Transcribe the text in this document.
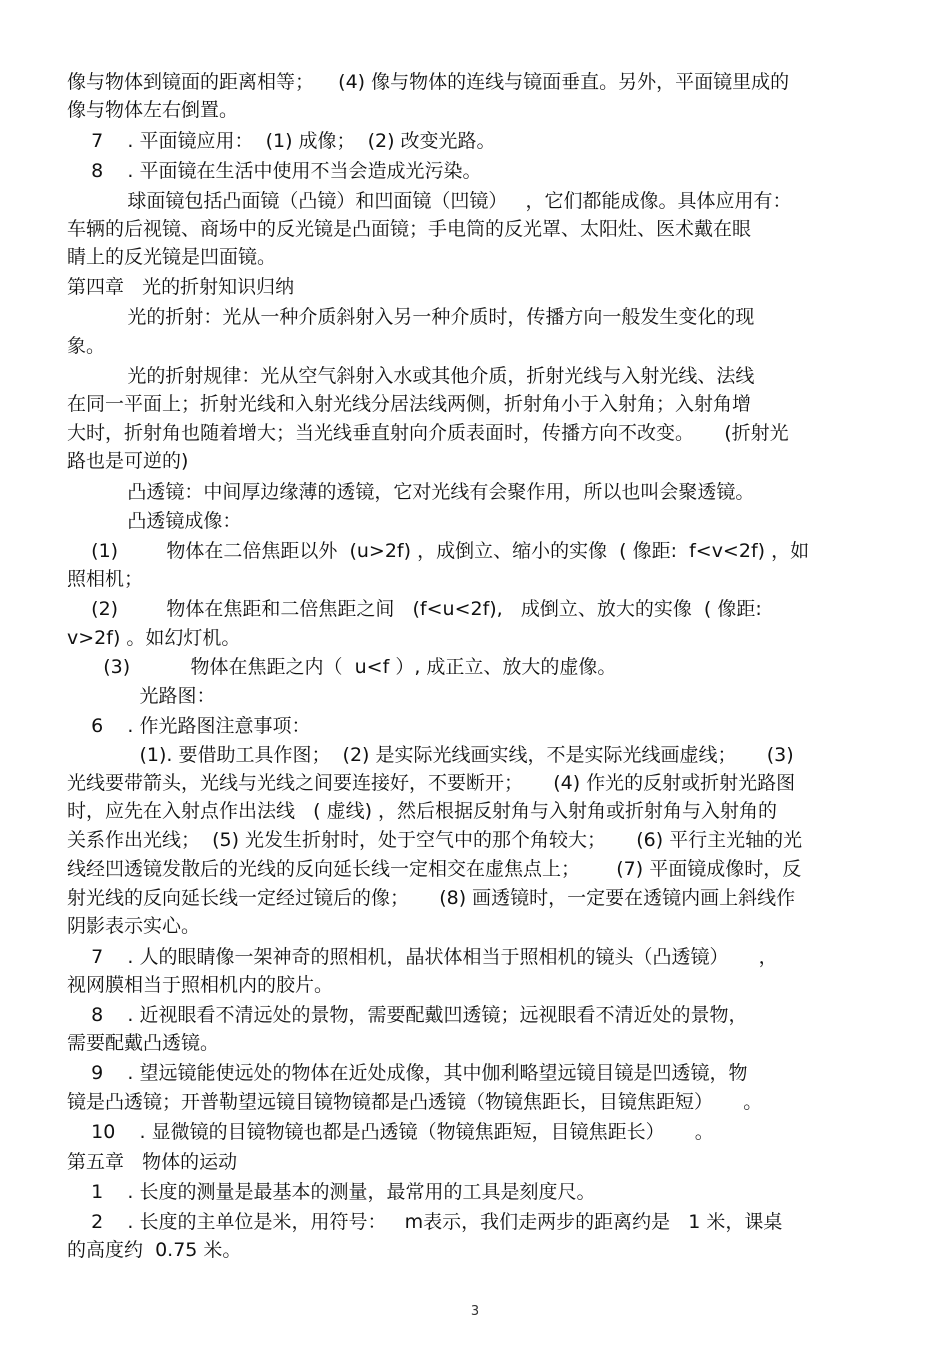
像与物体到镜面的距离相等；    (4) 像与物体的连线与镜面垂直。另外，平面镜里成的
像与物体左右倒置。
7    . 平面镜应用：  (1) 成像；  (2) 改变光路。
8    . 平面镜在生活中使用不当会造成光污染。
球面镜包括凸面镜（凸镜）和凹面镜（凹镜）   ，它们都能成像。具体应用有：
车辆的后视镜、商场中的反光镜是凸面镜；手电筒的反光罩、太阳灶、医术戴在眼
睛上的反光镜是凹面镜。
第四章   光的折射知识归纳
光的折射：光从一种介质斜射入另一种介质时，传播方向一般发生变化的现
象。
光的折射规律：光从空气斜射入水或其他介质，折射光线与入射光线、法线
在同一平面上；折射光线和入射光线分居法线两侧，折射角小于入射角；入射角增
大时，折射角也随着增大；当光线垂直射向介质表面时，传播方向不改变。     (折射光
路也是可逆的)
凸透镜：中间厚边缘薄的透镜，它对光线有会聚作用，所以也叫会聚透镜。
凸透镜成像：
(1)        物体在二倍焦距以外  (u>2f) ，成倒立、缩小的实像  ( 像距:  f<v<2f) ，如
照相机；
(2)        物体在焦距和二倍焦距之间   (f<u<2f),   成倒立、放大的实像  ( 像距:
v>2f) 。如幻灯机。
(3)          物体在焦距之内（  u<f ）, 成正立、放大的虚像。
光路图：
6    . 作光路图注意事项：
(1). 要借助工具作图；  (2) 是实际光线画实线，不是实际光线画虚线；     (3)
光线要带箭头，光线与光线之间要连接好，不要断开；     (4) 作光的反射或折射光路图
时，应先在入射点作出法线   ( 虚线) ，然后根据反射角与入射角或折射角与入射角的
关系作出光线；  (5) 光发生折射时，处于空气中的那个角较大；     (6) 平行主光轴的光
线经凹透镜发散后的光线的反向延长线一定相交在虚焦点上；      (7) 平面镜成像时，反
射光线的反向延长线一定经过镜后的像；     (8) 画透镜时，一定要在透镜内画上斜线作
阴影表示实心。
7    . 人的眼睛像一架神奇的照相机，晶状体相当于照相机的镜头（凸透镜）     ，
视网膜相当于照相机内的胶片。
8    . 近视眼看不清远处的景物，需要配戴凹透镜；远视眼看不清近处的景物，
需要配戴凸透镜。
9    . 望远镜能使远处的物体在近处成像，其中伽利略望远镜目镜是凹透镜，物
镜是凸透镜；开普勒望远镜目镜物镜都是凸透镜（物镜焦距长，目镜焦距短）     。
10    . 显微镜的目镜物镜也都是凸透镜（物镜焦距短，目镜焦距长）     。
第五章   物体的运动
1    . 长度的测量是最基本的测量，最常用的工具是刻度尺。
2    . 长度的主单位是米，用符号：   m表示，我们走两步的距离约是   1 米，课桌
的高度约  0.75 米。
3
